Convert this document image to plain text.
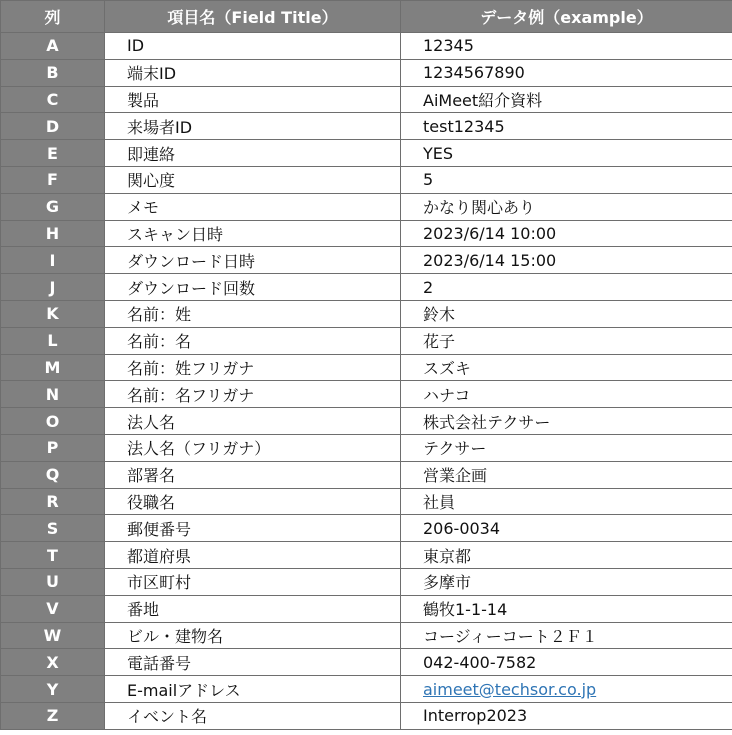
列	項目名（Field Title）	データ例（example）
A	ID	12345
B	端末ID	1234567890
C	製品	AiMeet紹介資料
D	来場者ID	test12345
E	即連絡	YES
F	関心度	5
G	メモ	かなり関心あり
H	スキャン日時	2023/6/14 10:00
I	ダウンロード日時	2023/6/14 15:00
J	ダウンロード回数	2
K	名前：姓	鈴木
L	名前：名	花子
M	名前：姓フリガナ	スズキ
N	名前：名フリガナ	ハナコ
O	法人名	株式会社テクサー
P	法人名（フリガナ）	テクサー
Q	部署名	営業企画
R	役職名	社員
S	郵便番号	206-0034
T	都道府県	東京都
U	市区町村	多摩市
V	番地	鶴牧1-1-14
W	ビル・建物名	コージィーコート２Ｆ１
X	電話番号	042-400-7582
Y	E-mailアドレス	aimeet@techsor.co.jp
Z	イベント名	Interrop2023
